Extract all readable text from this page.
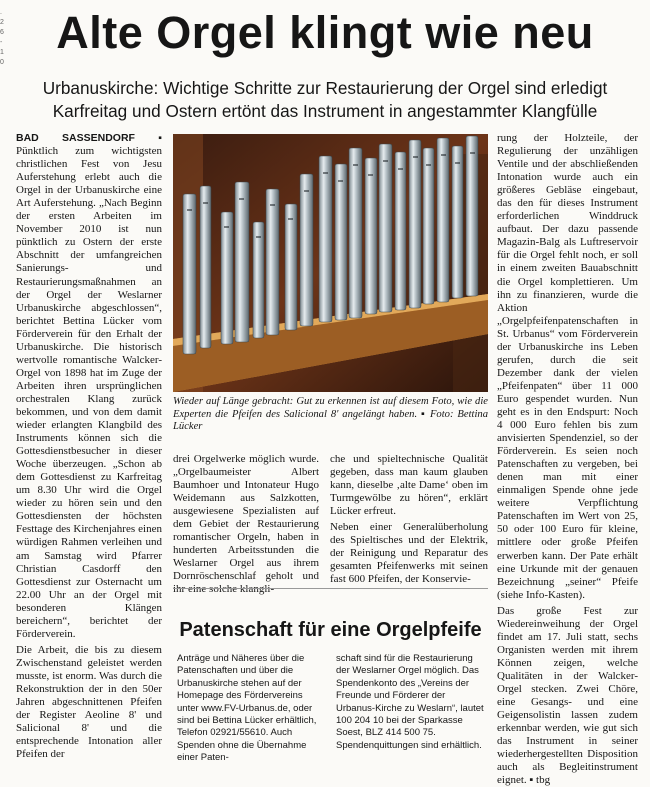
.
2
6
-
1
0
Alte Orgel klingt wie neu
Urbanuskirche: Wichtige Schritte zur Restaurierung der Orgel sind erledigt
Karfreitag und Ostern ertönt das Instrument in angestammter Klangfülle

BAD SASSENDORF ▪ Pünktlich zum wichtigsten christlichen Fest von Jesu Auferstehung erlebt auch die Orgel in der Urbanuskirche eine Art Auferstehung. „Nach Beginn der ersten Arbeiten im November 2010 ist nun pünktlich zu Ostern der erste Abschnitt der umfangreichen Sanierungs- und Restaurierungsmaßnahmen an der Orgel der Weslarner Urbanuskirche abgeschlossen“, berichtet Bettina Lücker vom Förderverein für den Erhalt der Urbanuskirche. Die historisch wertvolle romantische Walcker-Orgel von 1898 hat im Zuge der Arbeiten ihren ursprünglichen orchestralen Klang zurück bekommen, und von dem damit wieder erlangten Klangbild des Instruments können sich die Gottesdienstbesucher in dieser Woche überzeugen. „Schon ab dem Gottesdienst zu Karfreitag um 8.30 Uhr wird die Orgel wieder zu hören sein und den Gottesdiensten der höchsten Festtage des Kirchenjahres einen würdigen Rahmen verleihen und am Samstag wird Pfarrer Christian Casdorff den Gottesdienst zur Osternacht um 22.00 Uhr an der Orgel mit besonderen Klängen bereichern“, berichtet der Förderverein.

Die Arbeit, die bis zu diesem Zwischenstand geleistet werden musste, ist enorm. Was durch die Rekonstruktion der in den 50er Jahren abgeschnittenen Pfeifen der Register Aeoline 8' und Salicional 8' und die entsprechende Intonation aller Pfeifen der

Wieder auf Länge gebracht: Gut zu erkennen ist auf diesem Foto, wie die Experten die Pfeifen des Salicional 8' angelängt haben. ▪ Foto: Bettina Lücker

drei Orgelwerke möglich wurde. „Orgelbaumeister Albert Baumhoer und Intonateur Hugo Weidemann aus Salzkotten, ausgewiesene Spezialisten auf dem Gebiet der Restaurierung romantischer Orgeln, haben in hunderten Arbeitsstunden die Weslarner Orgel aus ihrem Dornröschenschlaf geholt und ihr eine solche klangli-

che und spieltechnische Qualität gegeben, dass man kaum glauben kann, dieselbe ‚alte Dame‘ oben im Turmgewölbe zu hören“, erklärt Lücker erfreut.

Neben einer Generalüberholung des Spieltisches und der Elektrik, der Reinigung und Reparatur des gesamten Pfeifenwerks mit seinen fast 600 Pfeifen, der Konservie-

rung der Holzteile, der Regulierung der unzähligen Ventile und der abschließenden Intonation wurde auch ein größeres Gebläse eingebaut, das den für dieses Instrument erforderlichen Winddruck aufbaut. Der dazu passende Magazin-Balg als Luftreservoir für die Orgel fehlt noch, er soll in einem zweiten Bauabschnitt die Orgel komplettieren. Um ihn zu finanzieren, wurde die Aktion „Orgelpfeifenpatenschaften in St. Urbanus“ vom Förderverein der Urbanuskirche ins Leben gerufen, durch die seit Dezember dank der vielen „Pfeifenpaten“ über 11 000 Euro gespendet wurden. Nun geht es in den Endspurt: Noch 4 000 Euro fehlen bis zum anvisierten Spendenziel, so der Förderverein. Es seien noch Patenschaften zu vergeben, bei denen man mit einer einmaligen Spende ohne jede weitere Verpflichtung Patenschaften im Wert von 25, 50 oder 100 Euro für kleine, mittlere oder große Pfeifen erwerben kann. Der Pate erhält eine Urkunde mit der genauen Bezeichnung „seiner“ Pfeife (siehe Info-Kasten).

Das große Fest zur Wiedereinweihung der Orgel findet am 17. Juli statt, sechs Organisten werden mit ihrem Können zeigen, welche Qualitäten in der Walcker-Orgel stecken. Zwei Chöre, eine Gesangs- und eine Geigensolistin lassen zudem erkennbar werden, wie gut sich das Instrument in seiner wiederhergestellten Disposition auch als Begleitinstrument eignet. ▪ tbg

Patenschaft für eine Orgelpfeife
Anträge und Näheres über die Patenschaften und über die Urbanuskirche stehen auf der Homepage des Fördervereins unter www.FV-Urbanus.de, oder sind bei Bettina Lücker erhältlich, Telefon 02921/55610. Auch Spenden ohne die Übernahme einer Paten-
schaft sind für die Restaurierung der Weslarner Orgel möglich. Das Spendenkonto des „Vereins der Freunde und Förderer der Urbanus-Kirche zu Weslarn“, lautet 100 204 10 bei der Sparkasse Soest, BLZ 414 500 75. Spendenquittungen sind erhältlich.
